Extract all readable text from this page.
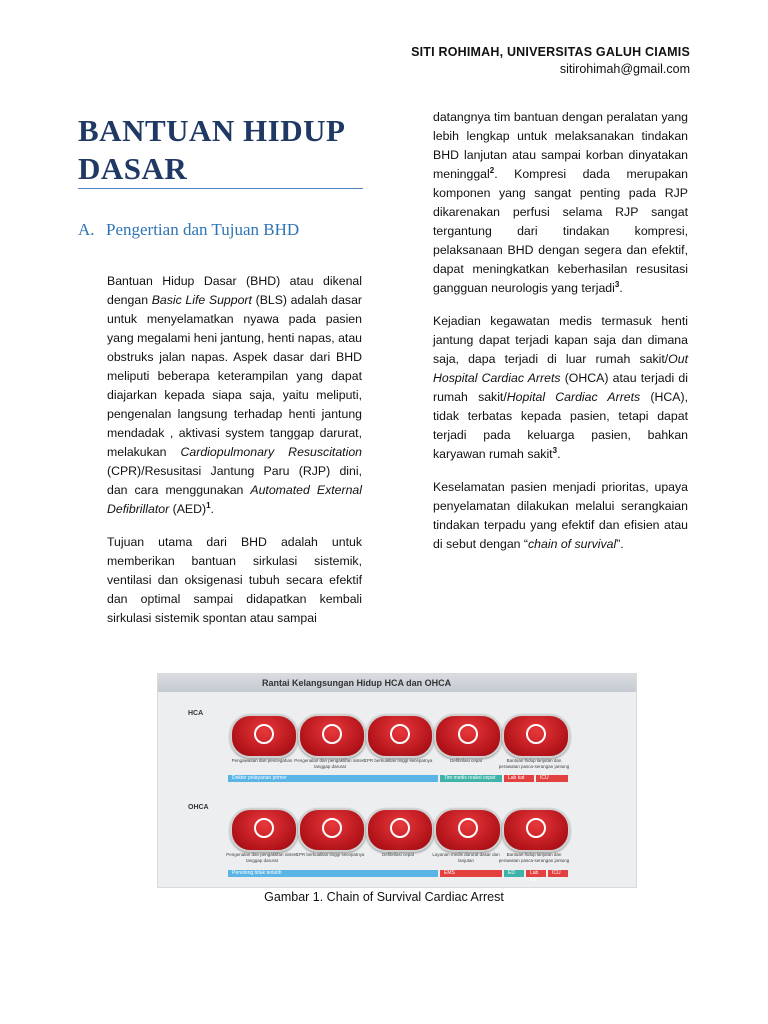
SITI ROHIMAH, UNIVERSITAS GALUH CIAMIS
sitirohimah@gmail.com
BANTUAN HIDUP
DASAR
A. Pengertian dan Tujuan BHD

Bantuan Hidup Dasar (BHD) atau dikenal dengan Basic Life Support (BLS) adalah dasar untuk menyelamatkan nyawa pada pasien yang megalami heni jantung, henti napas, atau obstruks jalan napas. Aspek dasar dari BHD meliputi beberapa keterampilan yang dapat diajarkan kepada siapa saja, yaitu meliputi, pengenalan langsung terhadap henti jantung mendadak , aktivasi system tanggap darurat, melakukan Cardiopulmonary Resuscitation (CPR)/Resusitasi Jantung Paru (RJP) dini, dan cara menggunakan Automated External Defibrillator (AED)$^1$.

Tujuan utama dari BHD adalah untuk memberikan bantuan sirkulasi sistemik, ventilasi dan oksigenasi tubuh secara efektif dan optimal sampai didapatkan kembali sirkulasi sistemik spontan atau sampai

datangnya tim bantuan dengan peralatan yang lebih lengkap untuk melaksanakan tindakan BHD lanjutan atau sampai korban dinyatakan meninggal$^2$. Kompresi dada merupakan komponen yang sangat penting pada RJP dikarenakan perfusi selama RJP sangat tergantung dari tindakan kompresi, pelaksanaan BHD dengan segera dan efektif, dapat meningkatkan keberhasilan resusitasi gangguan neurologis yang terjadi$^3$.

Kejadian kegawatan medis termasuk henti jantung dapat terjadi kapan saja dan dimana saja, dapa terjadi di luar rumah sakit/Out Hospital Cardiac Arrets (OHCA) atau terjadi di rumah sakit/Hopital Cardiac Arrets (HCA), tidak terbatas kepada pasien, tetapi dapat terjadi pada keluarga pasien, bahkan karyawan rumah sakit$^3$.

Keselamatan pasien menjadi prioritas, upaya penyelamatan dilakukan melalui serangkaian tindakan terpadu yang efektif dan efisien atau di sebut dengan “chain of survival”.

Rantai Kelangsungan Hidup HCA dan OHCA
HCA
Pengawasan dan pencegahan Pengenalan dan pengaktifan sistem tanggap darurat
CPR berkualitas tinggi secepatnya	Defibrilasi cepat	Bantuan hidup lanjutan dan perawatan pasca-serangan jantung
Dokter pelayanan primer	Tim medis reaksi cepat	Lab kat	ICU
OHCA
Pengenalan dan pengaktifan sistem tanggap darurat
CPR berkualitas tinggi secepatnya	Defibrilasi cepat	Layanan medis darurat dasar dan lanjutan
Bantuan hidup lanjutan dan perawatan pasca-serangan jantung
Penolong tidak terlatih	EMS	ED	Lab kat
ICU
Gambar 1. Chain of Survival Cardiac Arrest
